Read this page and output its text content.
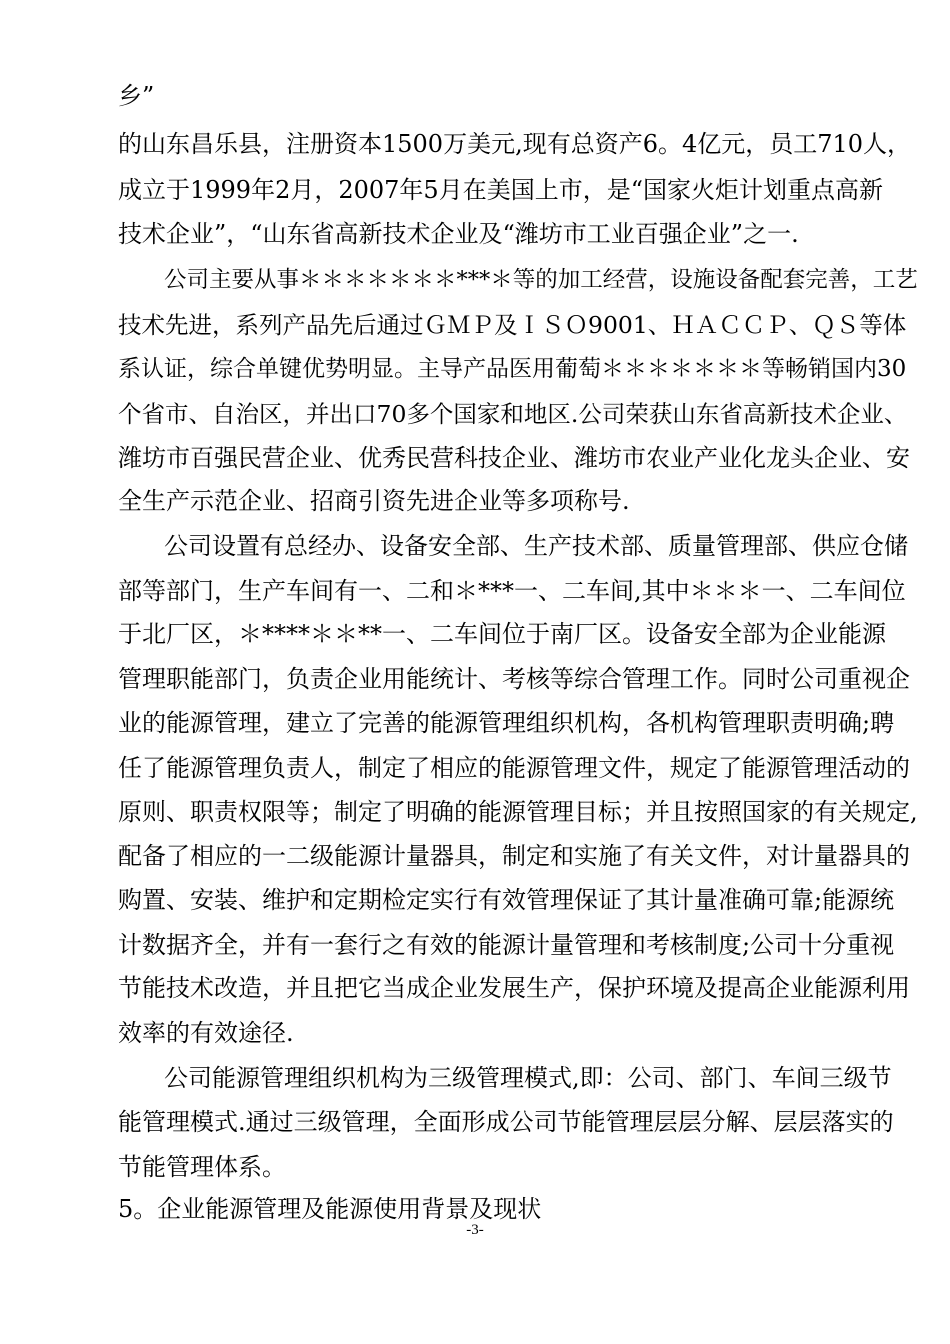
乡”
的山东昌乐县，注册资本1500万美元,现有总资产6。4亿元，员工710人，
成立于1999年2月，2007年5月在美国上市，是“国家火炬计划重点高新
技术企业”，“山东省高新技术企业及“潍坊市工业百强企业”之一.
公司主要从事＊＊＊＊＊＊＊***＊等的加工经营，设施设备配套完善，工艺
技术先进，系列产品先后通过ＧＭＰ及ＩＳＯ9001、ＨＡＣＣＰ、ＱＳ等体
系认证，综合单键优势明显。主导产品医用葡萄＊＊＊＊＊＊＊等畅销国内30
个省市、自治区，并出口70多个国家和地区.公司荣获山东省高新技术企业、
潍坊市百强民营企业、优秀民营科技企业、潍坊市农业产业化龙头企业、安
全生产示范企业、招商引资先进企业等多项称号.
公司设置有总经办、设备安全部、生产技术部、质量管理部、供应仓储
部等部门，生产车间有一、二和＊***一、二车间,其中＊＊＊一、二车间位
于北厂区，＊****＊＊**一、二车间位于南厂区。设备安全部为企业能源
管理职能部门，负责企业用能统计、考核等综合管理工作。同时公司重视企
业的能源管理，建立了完善的能源管理组织机构，各机构管理职责明确;聘
任了能源管理负责人，制定了相应的能源管理文件，规定了能源管理活动的
原则、职责权限等；制定了明确的能源管理目标；并且按照国家的有关规定,
配备了相应的一二级能源计量器具，制定和实施了有关文件，对计量器具的
购置、安装、维护和定期检定实行有效管理保证了其计量准确可靠;能源统
计数据齐全，并有一套行之有效的能源计量管理和考核制度;公司十分重视
节能技术改造，并且把它当成企业发展生产，保护环境及提高企业能源利用
效率的有效途径.
公司能源管理组织机构为三级管理模式,即：公司、部门、车间三级节
能管理模式.通过三级管理，全面形成公司节能管理层层分解、层层落实的
节能管理体系。
5。企业能源管理及能源使用背景及现状
-3-
